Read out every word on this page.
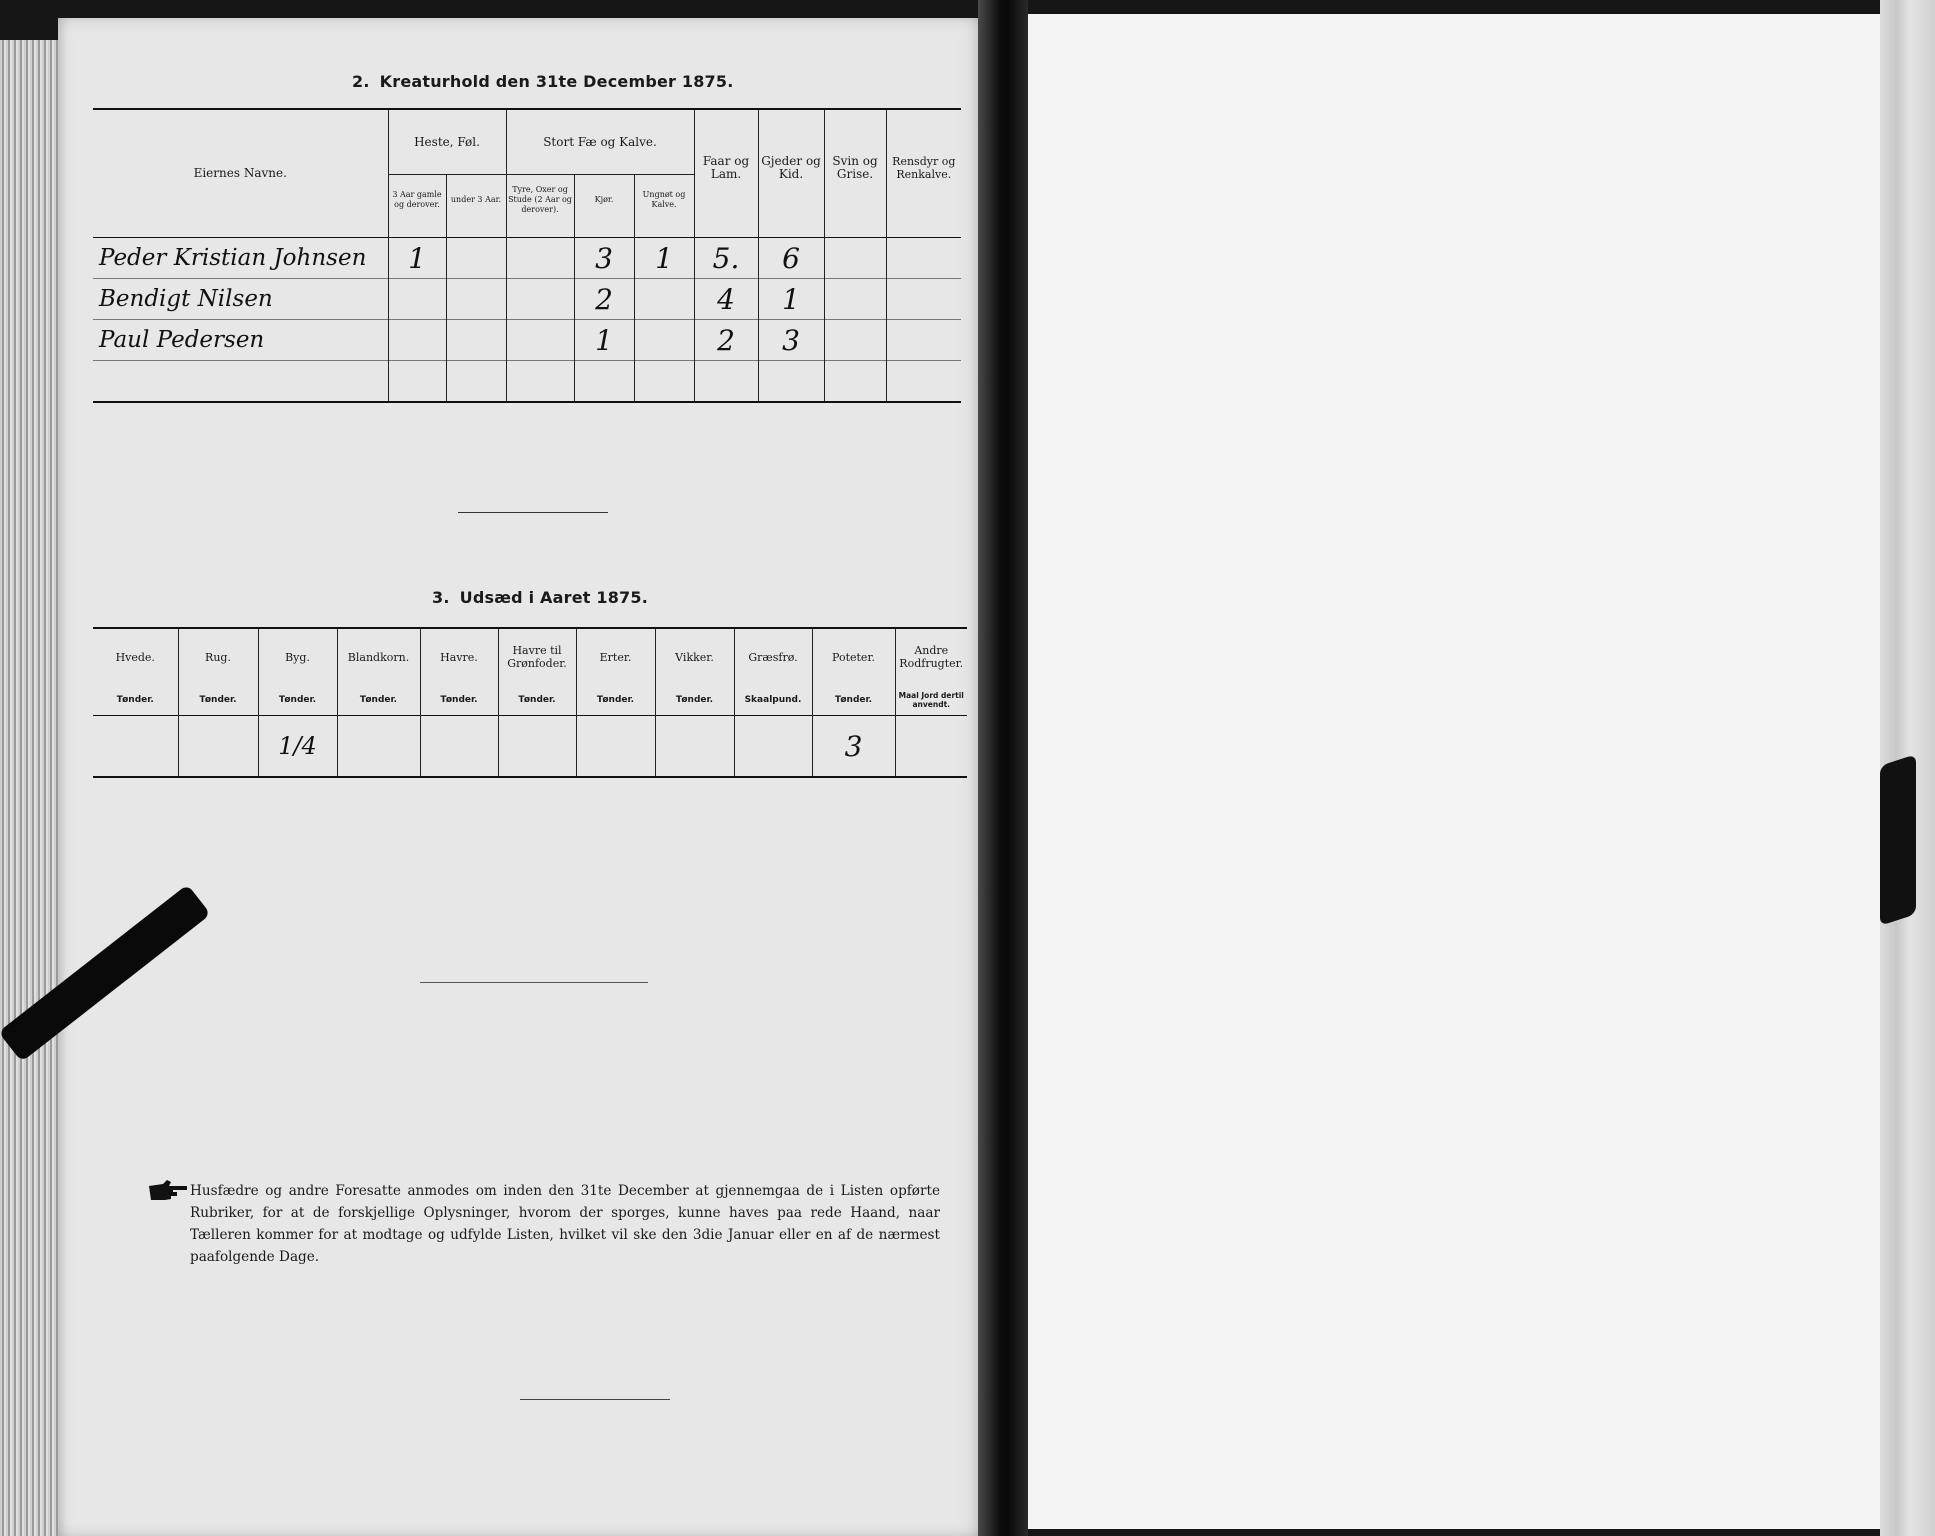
2. Kreaturhold den 31te December 1875.
Eiernes Navne.	Heste, Føl.		Stort Fæ og Kalve.			Faar og Lam.	Gjeder og Kid.	Svin og Grise.	Rensdyr og Renkalve.
	3 Aar gamle og derover.	under 3 Aar.	Tyre, Oxer og Stude (2 Aar og derover).	Kjør.	Ungnøt og Kalve.				

Peder Kristian Johnsen	1			3	1	5.	6		
Bendigt Nilsen				2		4	1		
Paul Pedersen				1		2	3		

3. Udsæd i Aaret 1875.
Hvede.	Rug.	Byg.	Blandkorn.	Havre.	Havre til Grønfoder.	Erter.	Vikker.	Græsfrø.	Poteter.	Andre Rodfrugter.
Tønder.	Tønder.	Tønder.	Tønder.	Tønder.	Tønder.	Tønder.	Tønder.	Skaalpund.	Tønder.	Maal Jord dertil anvendt.
		1/4							3	
Husfædre og andre Foresatte anmodes om inden den 31te December at gjennemgaa de i Listen opførte Rubriker, for at de forskjellige Oplysninger, hvorom der sporges, kunne haves paa rede Haand, naar Tælleren kommer for at modtage og udfylde Listen, hvilket vil ske den 3die Januar eller en af de nærmest paafolgende Dage.
